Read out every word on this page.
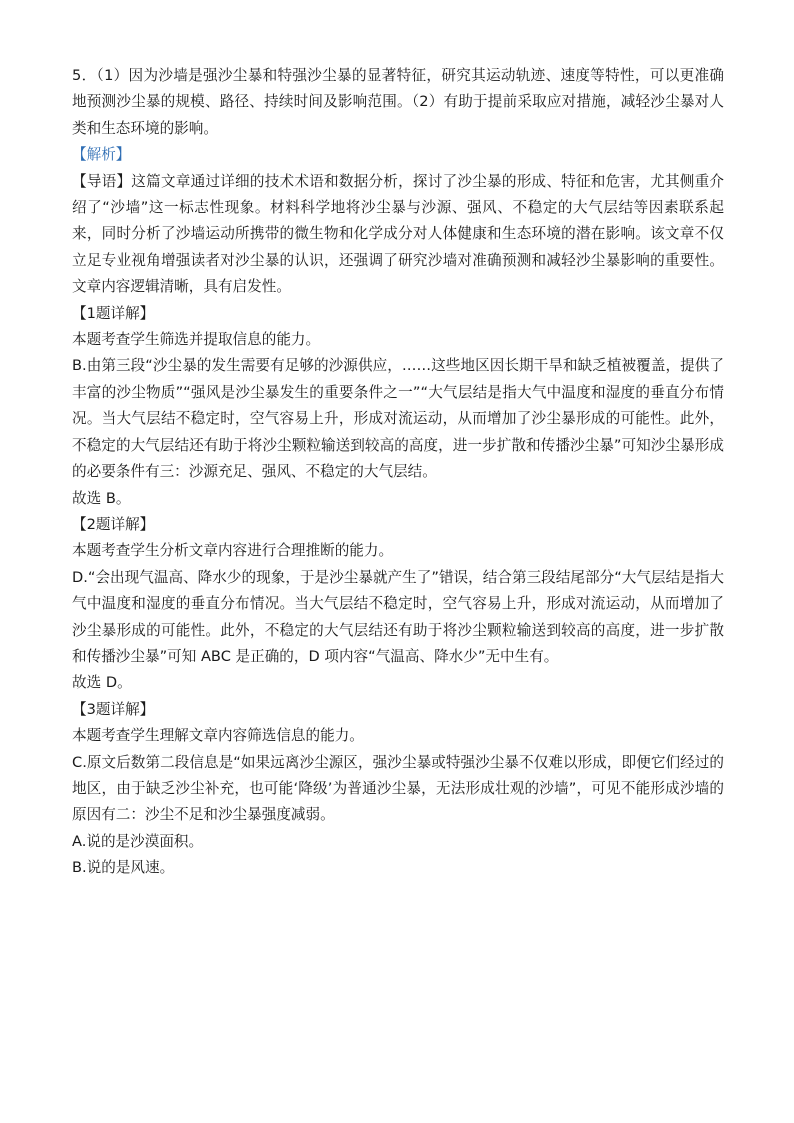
5．（1）因为沙墙是强沙尘暴和特强沙尘暴的显著特征，研究其运动轨迹、速度等特性，可以更准确地预测沙尘暴的规模、路径、持续时间及影响范围。（2）有助于提前采取应对措施，减轻沙尘暴对人类和生态环境的影响。

【解析】

【导语】这篇文章通过详细的技术术语和数据分析，探讨了沙尘暴的形成、特征和危害，尤其侧重介绍了“沙墙”这一标志性现象。材料科学地将沙尘暴与沙源、强风、不稳定的大气层结等因素联系起来，同时分析了沙墙运动所携带的微生物和化学成分对人体健康和生态环境的潜在影响。该文章不仅立足专业视角增强读者对沙尘暴的认识，还强调了研究沙墙对准确预测和减轻沙尘暴影响的重要性。文章内容逻辑清晰，具有启发性。

【1题详解】

本题考查学生筛选并提取信息的能力。

B.由第三段“沙尘暴的发生需要有足够的沙源供应，……这些地区因长期干旱和缺乏植被覆盖，提供了丰富的沙尘物质”“强风是沙尘暴发生的重要条件之一”“大气层结是指大气中温度和湿度的垂直分布情况。当大气层结不稳定时，空气容易上升，形成对流运动，从而增加了沙尘暴形成的可能性。此外，不稳定的大气层结还有助于将沙尘颗粒输送到较高的高度，进一步扩散和传播沙尘暴”可知沙尘暴形成的必要条件有三：沙源充足、强风、不稳定的大气层结。

故选 B。

【2题详解】

本题考查学生分析文章内容进行合理推断的能力。

D.“会出现气温高、降水少的现象，于是沙尘暴就产生了”错误，结合第三段结尾部分“大气层结是指大气中温度和湿度的垂直分布情况。当大气层结不稳定时，空气容易上升，形成对流运动，从而增加了沙尘暴形成的可能性。此外，不稳定的大气层结还有助于将沙尘颗粒输送到较高的高度，进一步扩散和传播沙尘暴”可知 ABC 是正确的，D 项内容“气温高、降水少”无中生有。

故选 D。

【3题详解】

本题考查学生理解文章内容筛选信息的能力。

C.原文后数第二段信息是“如果远离沙尘源区，强沙尘暴或特强沙尘暴不仅难以形成，即便它们经过的地区，由于缺乏沙尘补充，也可能‘降级’为普通沙尘暴，无法形成壮观的沙墙”，可见不能形成沙墙的原因有二：沙尘不足和沙尘暴强度减弱。

A.说的是沙漠面积。

B.说的是风速。
